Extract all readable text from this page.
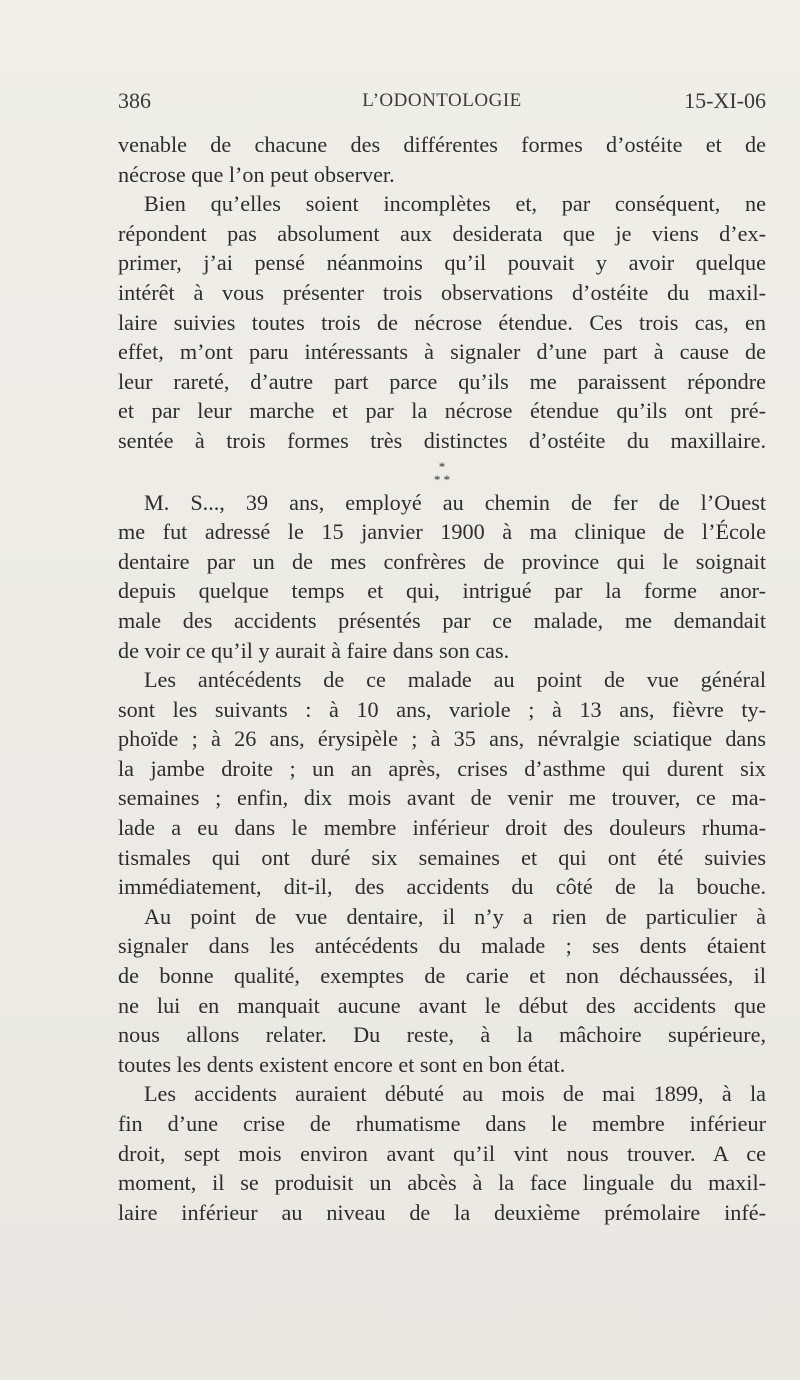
386	L’ODONTOLOGIE	15-XI-06

venable de chacune des différentes formes d’ostéite et de
nécrose que l’on peut observer.

Bien qu’elles soient incomplètes et, par conséquent, ne
répondent pas absolument aux desiderata que je viens d’ex-
primer, j’ai pensé néanmoins qu’il pouvait y avoir quelque
intérêt à vous présenter trois observations d’ostéite du maxil-
laire suivies toutes trois de nécrose étendue. Ces trois cas, en
effet, m’ont paru intéressants à signaler d’une part à cause de
leur rareté, d’autre part parce qu’ils me paraissent répondre
et par leur marche et par la nécrose étendue qu’ils ont pré-
sentée à trois formes très distinctes d’ostéite du maxillaire.

*
* *

M. S..., 39 ans, employé au chemin de fer de l’Ouest
me fut adressé le 15 janvier 1900 à ma clinique de l’École
dentaire par un de mes confrères de province qui le soignait
depuis quelque temps et qui, intrigué par la forme anor-
male des accidents présentés par ce malade, me demandait
de voir ce qu’il y aurait à faire dans son cas.

Les antécédents de ce malade au point de vue général
sont les suivants : à 10 ans, variole ; à 13 ans, fièvre ty-
phoïde ; à 26 ans, érysipèle ; à 35 ans, névralgie sciatique dans
la jambe droite ; un an après, crises d’asthme qui durent six
semaines ; enfin, dix mois avant de venir me trouver, ce ma-
lade a eu dans le membre inférieur droit des douleurs rhuma-
tismales qui ont duré six semaines et qui ont été suivies
immédiatement, dit-il, des accidents du côté de la bouche.

Au point de vue dentaire, il n’y a rien de particulier à
signaler dans les antécédents du malade ; ses dents étaient
de bonne qualité, exemptes de carie et non déchaussées, il
ne lui en manquait aucune avant le début des accidents que
nous allons relater. Du reste, à la mâchoire supérieure,
toutes les dents existent encore et sont en bon état.

Les accidents auraient débuté au mois de mai 1899, à la
fin d’une crise de rhumatisme dans le membre inférieur
droit, sept mois environ avant qu’il vint nous trouver. A ce
moment, il se produisit un abcès à la face linguale du maxil-
laire inférieur au niveau de la deuxième prémolaire infé-
